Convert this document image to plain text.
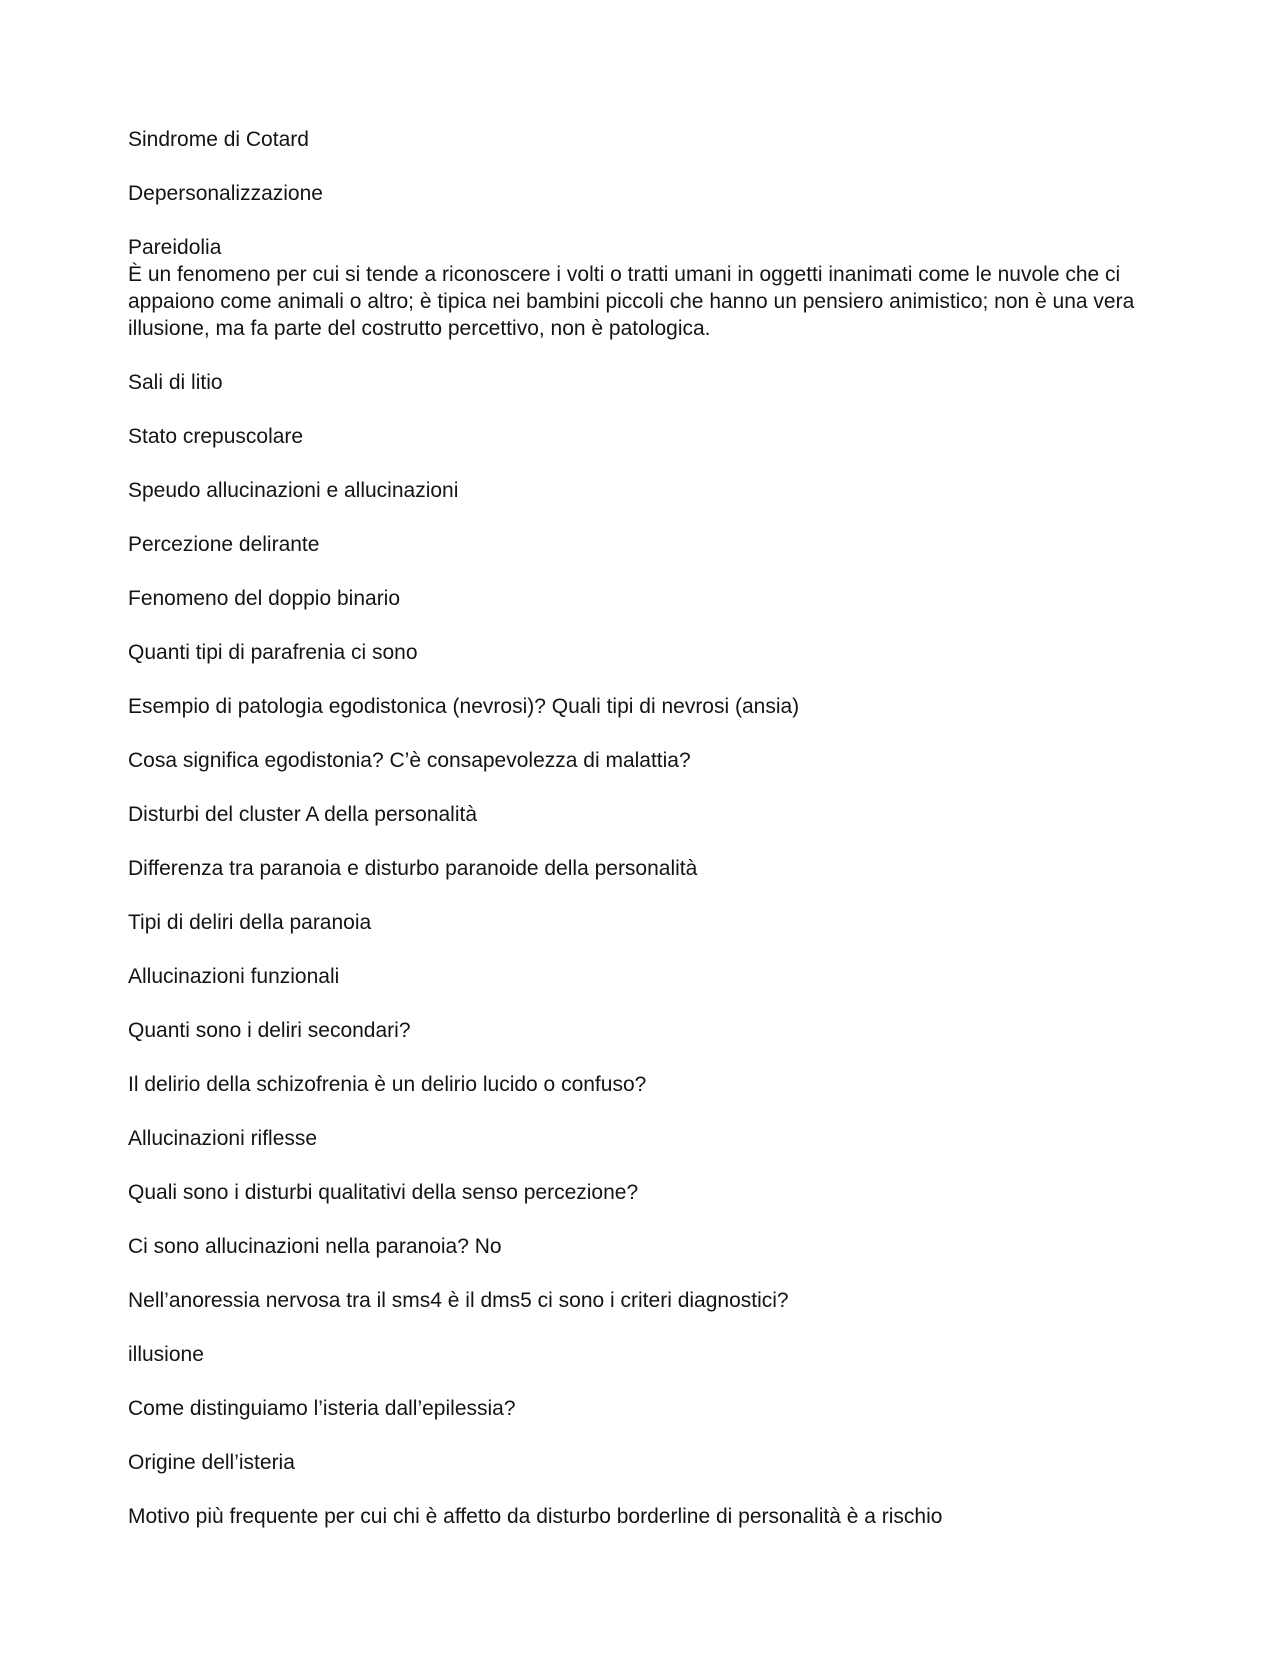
Sindrome di Cotard
Depersonalizzazione
Pareidolia
È un fenomeno per cui si tende a riconoscere i volti o tratti umani in oggetti inanimati come le nuvole che ci appaiono come animali o altro; è tipica nei bambini piccoli che hanno un pensiero animistico; non è una vera illusione, ma fa parte del costrutto percettivo, non è patologica.
Sali di litio
Stato crepuscolare
Speudo allucinazioni e allucinazioni
Percezione delirante
Fenomeno del doppio binario
Quanti tipi di parafrenia ci sono
Esempio di patologia egodistonica (nevrosi)? Quali tipi di nevrosi (ansia)
Cosa significa egodistonia? C’è consapevolezza di malattia?
Disturbi del cluster A della personalità
Differenza tra paranoia e disturbo paranoide della personalità
Tipi di deliri della paranoia
Allucinazioni funzionali
Quanti sono i deliri secondari?
Il delirio della schizofrenia è un delirio lucido o confuso?
Allucinazioni riflesse
Quali sono i disturbi qualitativi della senso percezione?
Ci sono allucinazioni nella paranoia? No
Nell’anoressia nervosa tra il sms4 è il dms5 ci sono i criteri diagnostici?
illusione
Come distinguiamo l’isteria dall’epilessia?
Origine dell’isteria
Motivo più frequente per cui chi è affetto da disturbo borderline di personalità è a rischio
